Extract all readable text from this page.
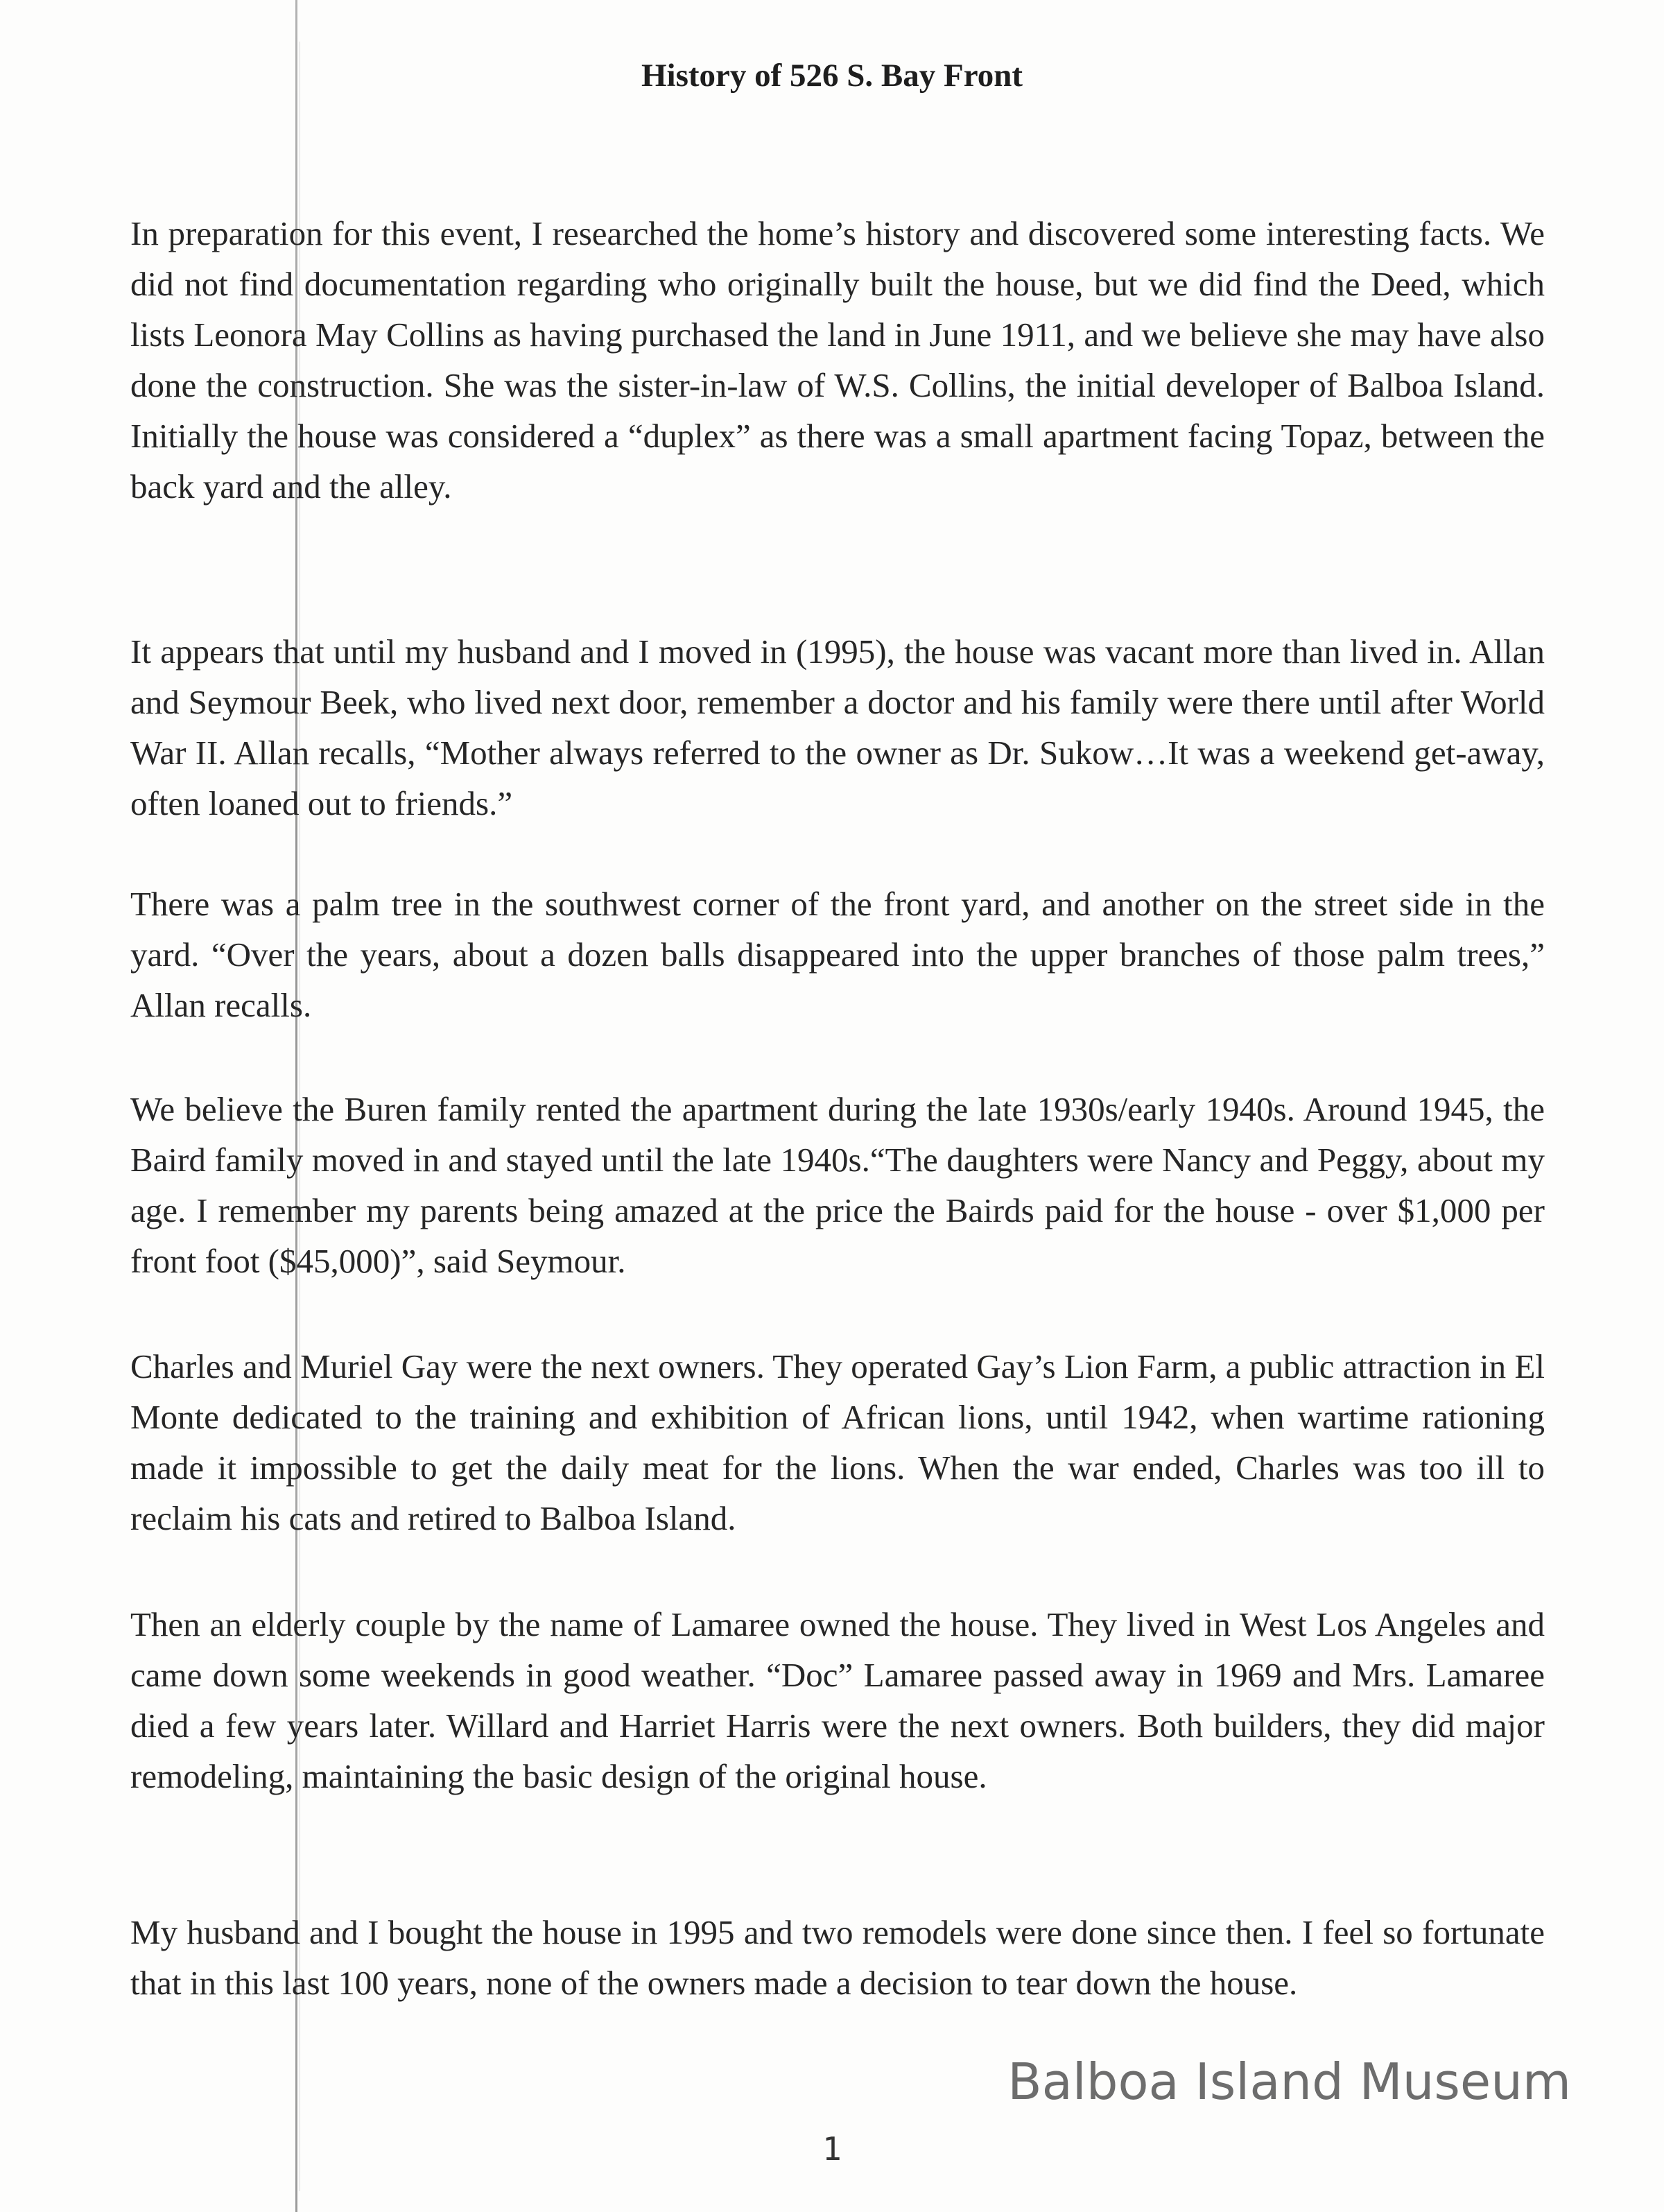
History of 526 S. Bay Front

In preparation for this event, I researched the home’s history and discovered some interesting facts. We did not find documentation regarding who originally built the house, but we did find the Deed, which lists Leonora May Collins as having purchased the land in June 1911, and we believe she may have also done the construction. She was the sister-in-law of W.S. Collins, the initial developer of Balboa Island. Initially the house was considered a “duplex” as there was a small apartment facing Topaz, between the back yard and the alley.

It appears that until my husband and I moved in (1995), the house was vacant more than lived in. Allan and Seymour Beek, who lived next door, remember a doctor and his family were there until after World War II. Allan recalls, “Mother always referred to the owner as Dr. Sukow…It was a weekend get-away, often loaned out to friends.”

There was a palm tree in the southwest corner of the front yard, and another on the street side in the yard. “Over the years, about a dozen balls disappeared into the upper branches of those palm trees,” Allan recalls.

We believe the Buren family rented the apartment during the late 1930s/early 1940s. Around 1945, the Baird family moved in and stayed until the late 1940s.“The daughters were Nancy and Peggy, about my age. I remember my parents being amazed at the price the Bairds paid for the house - over $1,000 per front foot ($45,000)”, said Seymour.

Charles and Muriel Gay were the next owners. They operated Gay’s Lion Farm, a public attraction in El Monte dedicated to the training and exhibition of African lions, until 1942, when wartime rationing made it impossible to get the daily meat for the lions. When the war ended, Charles was too ill to reclaim his cats and retired to Balboa Island.

Then an elderly couple by the name of Lamaree owned the house. They lived in West Los Angeles and came down some weekends in good weather. “Doc” Lamaree passed away in 1969 and Mrs. Lamaree died a few years later. Willard and Harriet Harris were the next owners. Both builders, they did major remodeling, maintaining the basic design of the original house.

My husband and I bought the house in 1995 and two remodels were done since then. I feel so fortunate that in this last 100 years, none of the owners made a decision to tear down the house.

Balboa Island Museum
1
